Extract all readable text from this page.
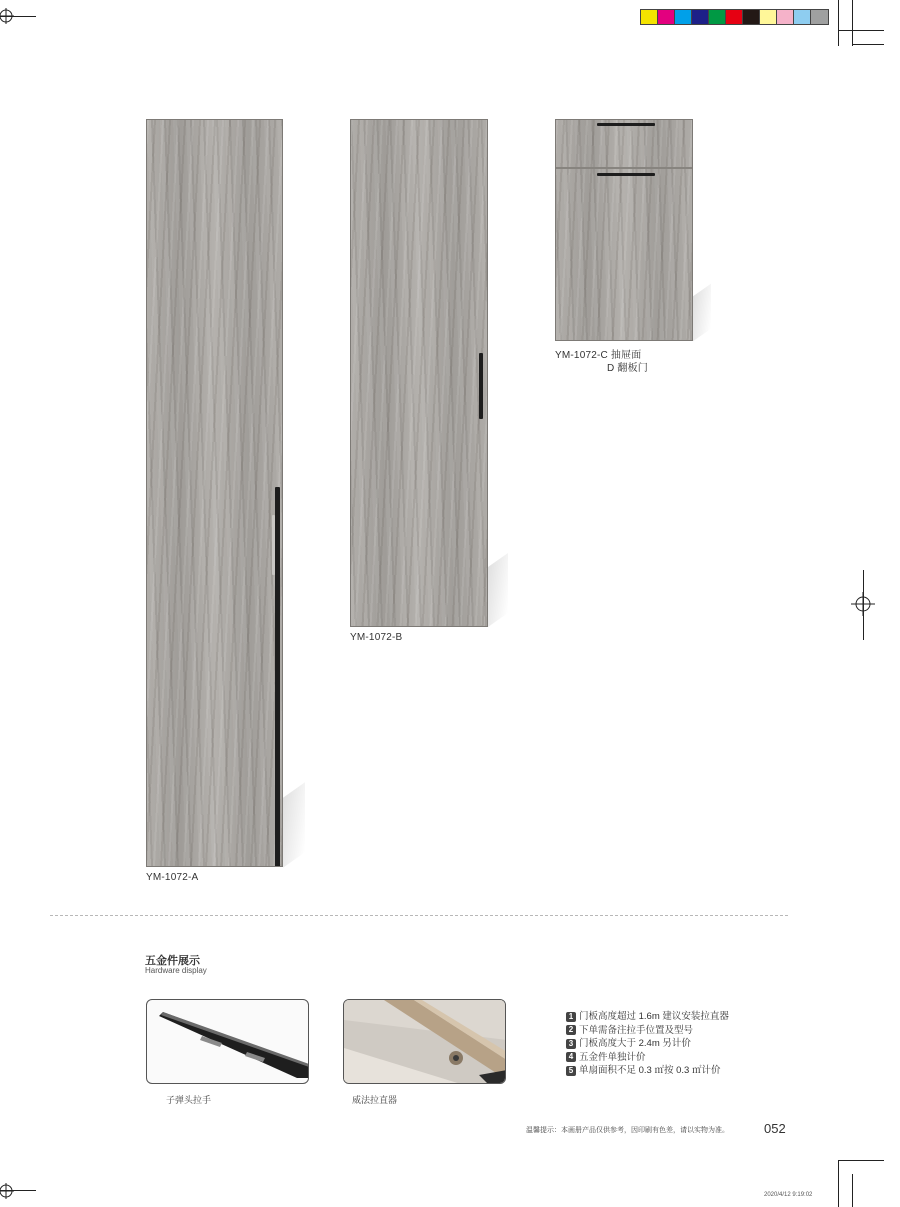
YM-1072-A
YM-1072-B
YM-1072-C 抽屉面
D 翻板门
五金件展示
Hardware display
子弹头拉手	威法拉直器
1 门板高度超过 1.6m 建议安装拉直器
2 下单需备注拉手位置及型号
3 门板高度大于 2.4m 另计价
4 五金件单独计价
5 单扇面积不足 0.3 ㎡按 0.3 ㎡计价
温馨提示：本画册产品仅供参考，因印刷有色差，请以实物为准。	052
2020/4/12 9:19:02
